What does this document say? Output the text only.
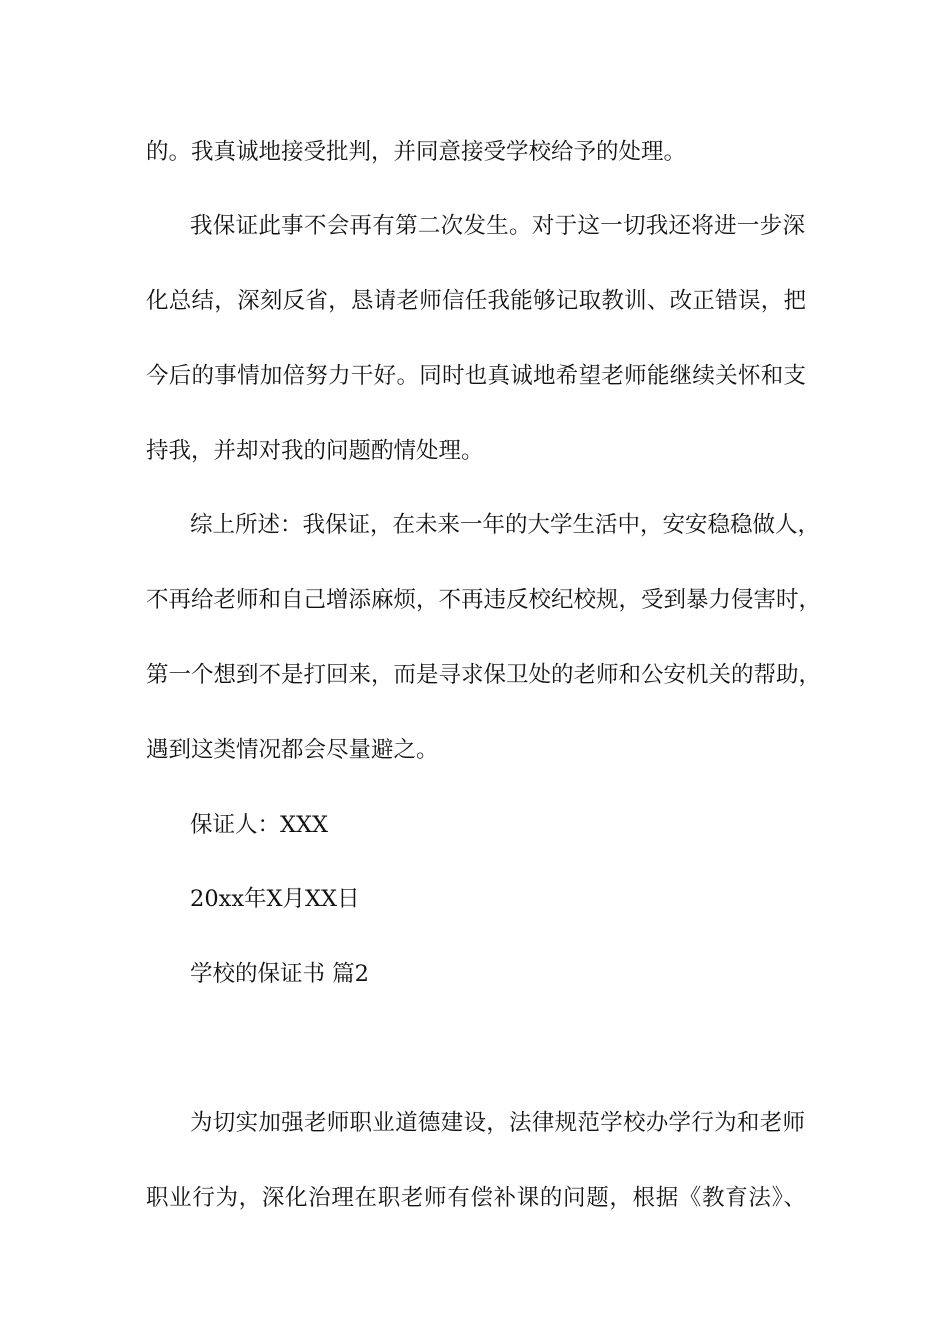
的。我真诚地接受批判，并同意接受学校给予的处理。
我保证此事不会再有第二次发生。对于这一切我还将进一步深
化总结，深刻反省，恳请老师信任我能够记取教训、改正错误，把
今后的事情加倍努力干好。同时也真诚地希望老师能继续关怀和支
持我，并却对我的问题酌情处理。
综上所述：我保证，在未来一年的大学生活中，安安稳稳做人，
不再给老师和自己增添麻烦，不再违反校纪校规，受到暴力侵害时，
第一个想到不是打回来，而是寻求保卫处的老师和公安机关的帮助，
遇到这类情况都会尽量避之。
保证人：XXX
20xx年X月XX日
学校的保证书 篇2
为切实加强老师职业道德建设，法律规范学校办学行为和老师
职业行为，深化治理在职老师有偿补课的问题，根据《教育法》、
